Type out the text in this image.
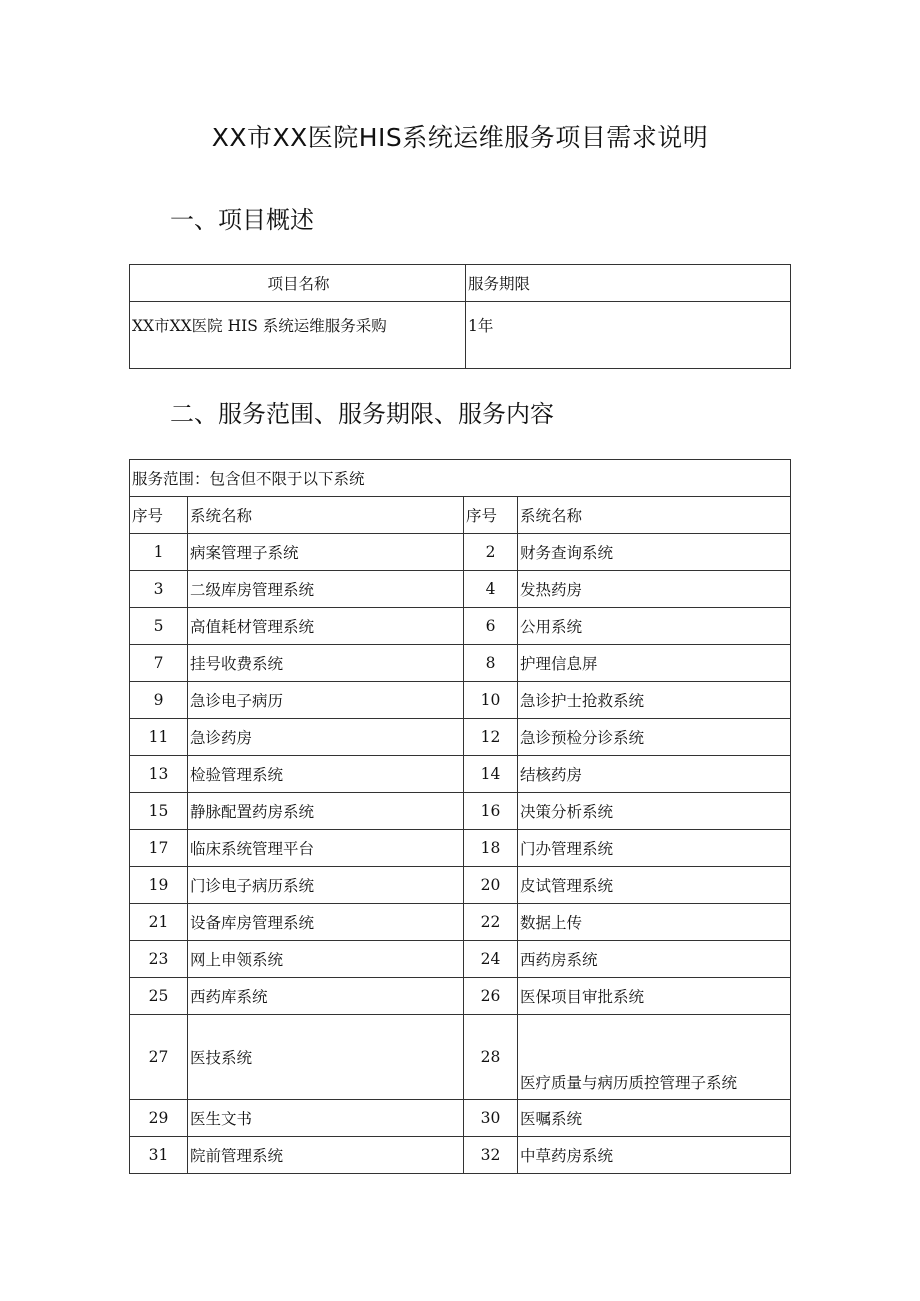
XX市XX医院HIS系统运维服务项目需求说明
一、项目概述
项目名称	服务期限
XX市XX医院 HIS 系统运维服务采购	1年
二、服务范围、服务期限、服务内容
服务范围：包含但不限于以下系统			
序号	系统名称	序号	系统名称
1	病案管理子系统	2	财务查询系统
3	二级库房管理系统	4	发热药房
5	高值耗材管理系统	6	公用系统
7	挂号收费系统	8	护理信息屏
9	急诊电子病历	10	急诊护士抢救系统
11	急诊药房	12	急诊预检分诊系统
13	检验管理系统	14	结核药房
15	静脉配置药房系统	16	决策分析系统
17	临床系统管理平台	18	门办管理系统
19	门诊电子病历系统	20	皮试管理系统
21	设备库房管理系统	22	数据上传
23	网上申领系统	24	西药房系统
25	西药库系统	26	医保项目审批系统
27	医技系统	28	医疗质量与病历质控管理子系统
29	医生文书	30	医嘱系统
31	院前管理系统	32	中草药房系统
